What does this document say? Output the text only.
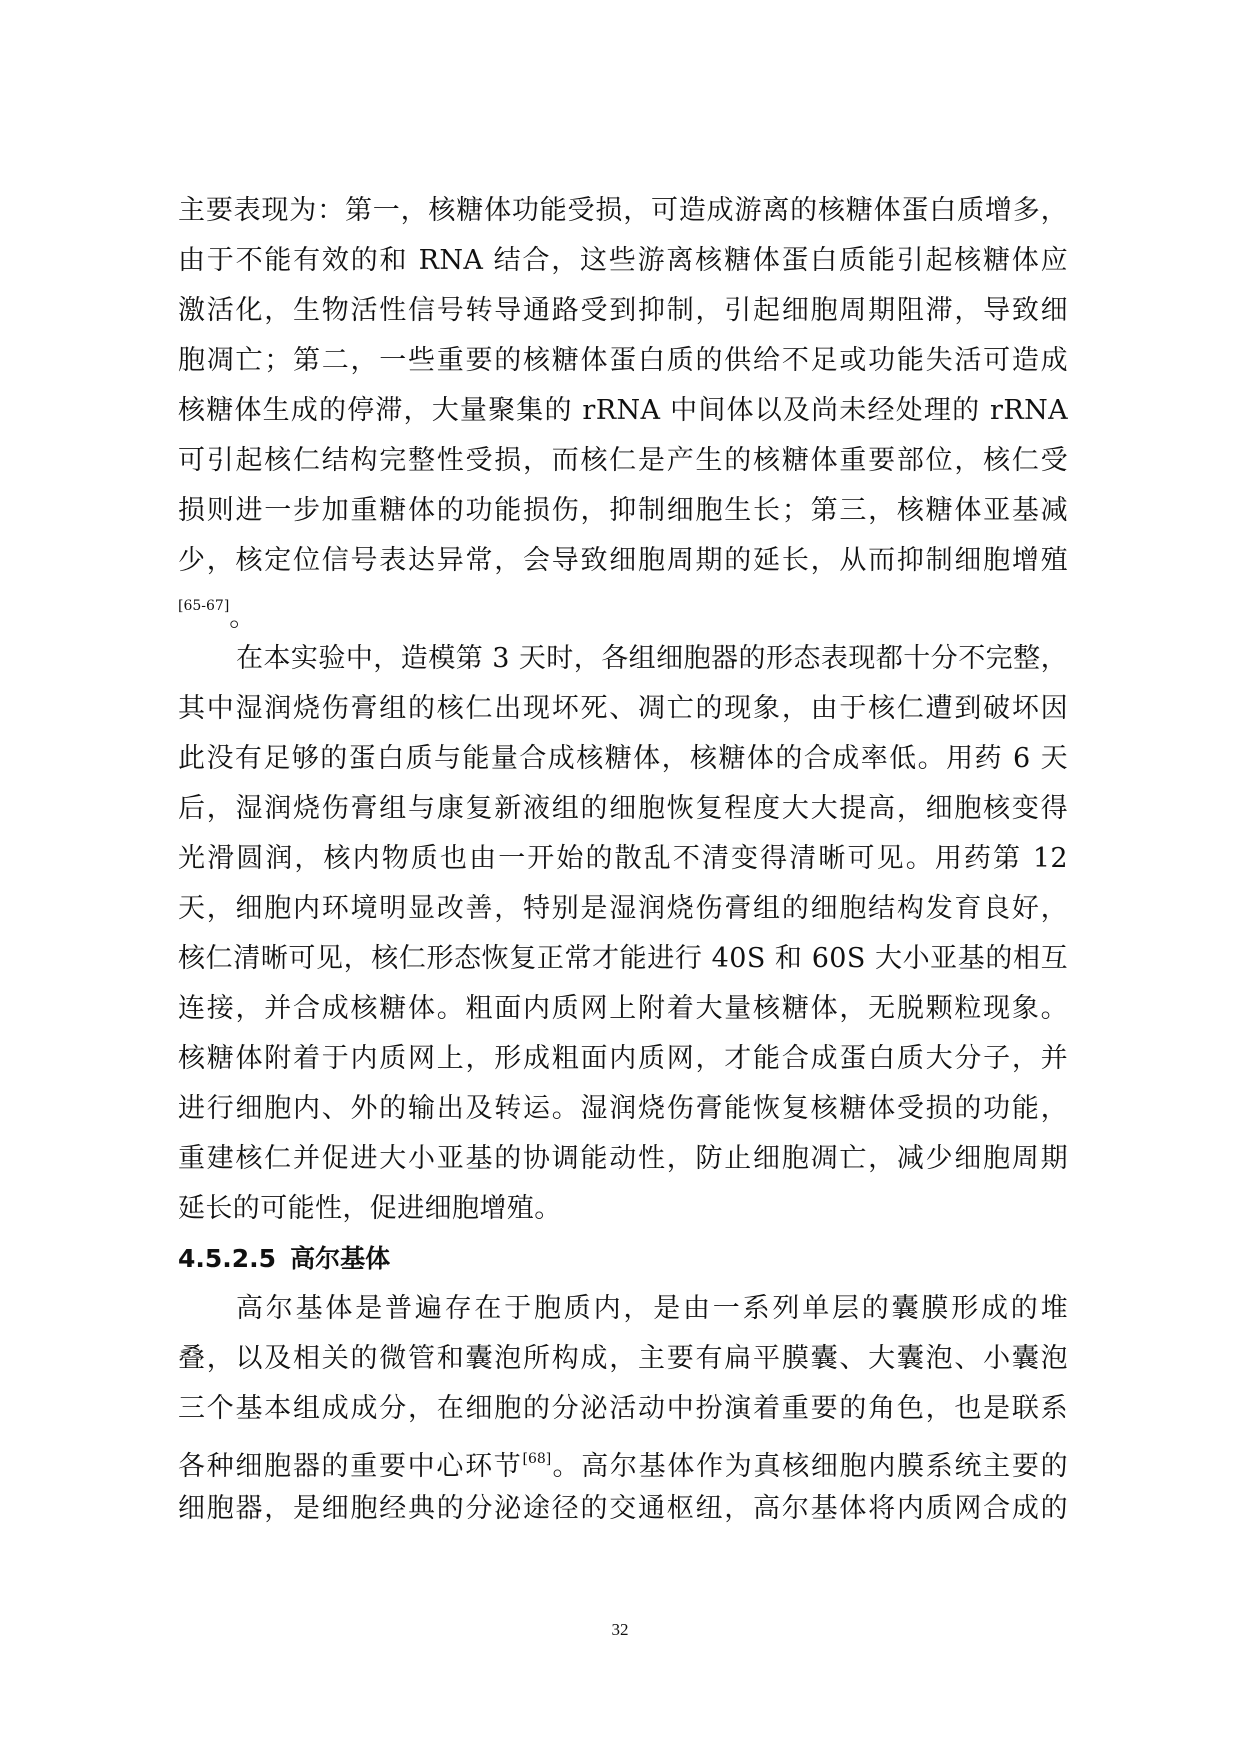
主要表现为：第一，核糖体功能受损，可造成游离的核糖体蛋白质增多，
由于不能有效的和 RNA 结合，这些游离核糖体蛋白质能引起核糖体应
激活化，生物活性信号转导通路受到抑制，引起细胞周期阻滞，导致细
胞凋亡；第二，一些重要的核糖体蛋白质的供给不足或功能失活可造成
核糖体生成的停滞，大量聚集的 rRNA 中间体以及尚未经处理的 rRNA
可引起核仁结构完整性受损，而核仁是产生的核糖体重要部位，核仁受
损则进一步加重糖体的功能损伤，抑制细胞生长；第三，核糖体亚基减
少，核定位信号表达异常，会导致细胞周期的延长，从而抑制细胞增殖
[65-67]。
在本实验中，造模第 3 天时，各组细胞器的形态表现都十分不完整，
其中湿润烧伤膏组的核仁出现坏死、凋亡的现象，由于核仁遭到破坏因
此没有足够的蛋白质与能量合成核糖体，核糖体的合成率低。用药 6 天
后，湿润烧伤膏组与康复新液组的细胞恢复程度大大提高，细胞核变得
光滑圆润，核内物质也由一开始的散乱不清变得清晰可见。用药第 12
天，细胞内环境明显改善，特别是湿润烧伤膏组的细胞结构发育良好，
核仁清晰可见，核仁形态恢复正常才能进行 40S 和 60S 大小亚基的相互
连接，并合成核糖体。粗面内质网上附着大量核糖体，无脱颗粒现象。
核糖体附着于内质网上，形成粗面内质网，才能合成蛋白质大分子，并
进行细胞内、外的输出及转运。湿润烧伤膏能恢复核糖体受损的功能，
重建核仁并促进大小亚基的协调能动性，防止细胞凋亡，减少细胞周期
延长的可能性，促进细胞增殖。
4.5.2.5 高尔基体
高尔基体是普遍存在于胞质内，是由一系列单层的囊膜形成的堆
叠，以及相关的微管和囊泡所构成，主要有扁平膜囊、大囊泡、小囊泡
三个基本组成成分，在细胞的分泌活动中扮演着重要的角色，也是联系
各种细胞器的重要中心环节[68]。高尔基体作为真核细胞内膜系统主要的
细胞器，是细胞经典的分泌途径的交通枢纽，高尔基体将内质网合成的
32
